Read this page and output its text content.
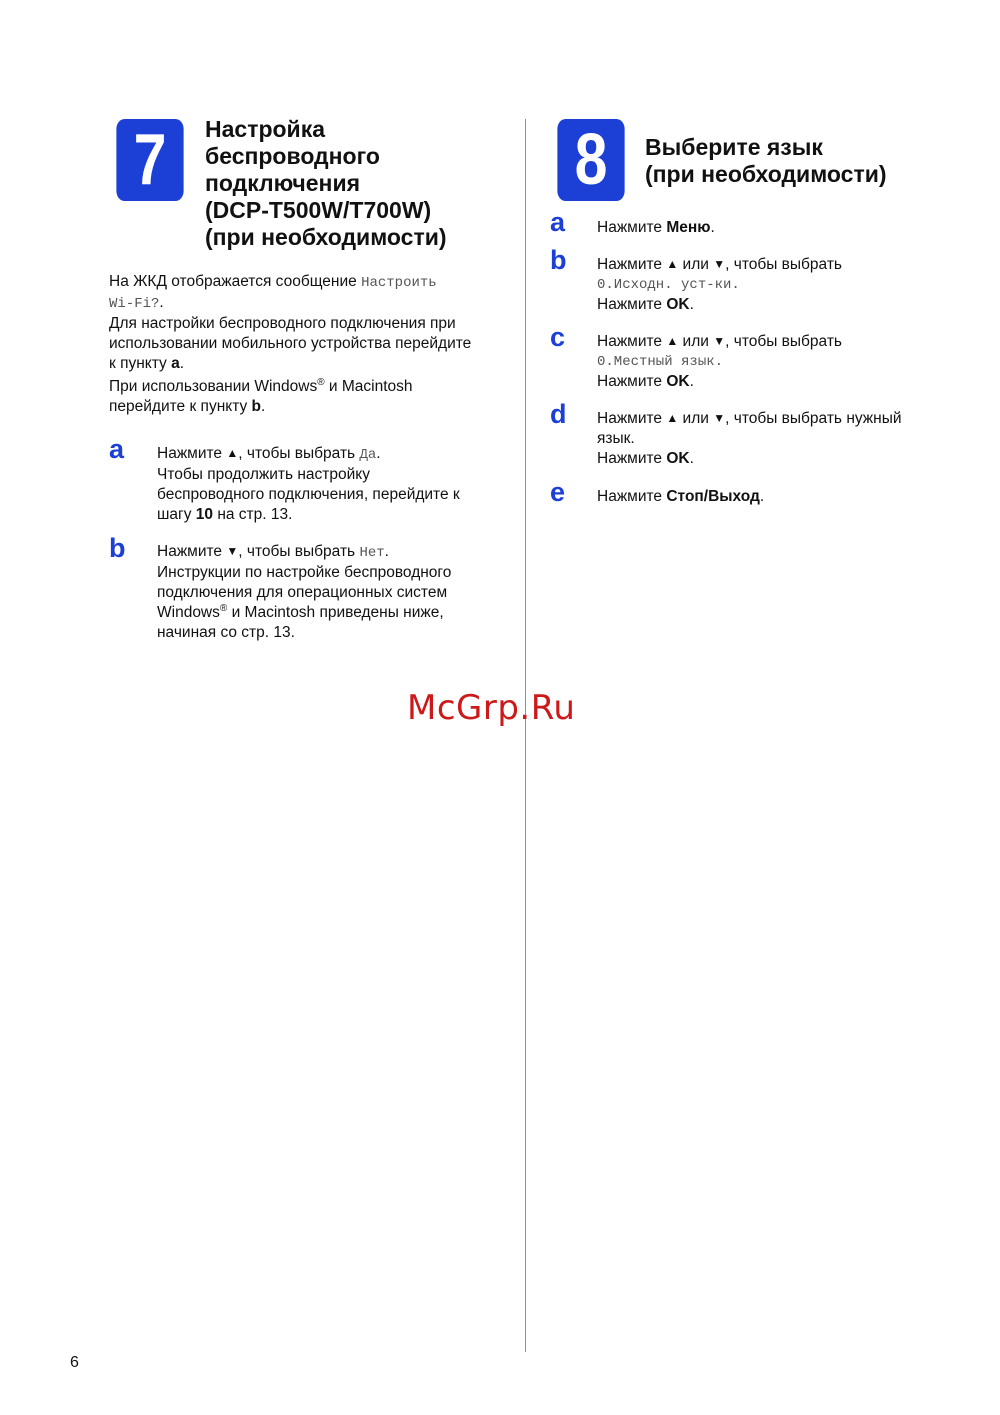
7 Настройка
беспроводного
подключения
(DCP-T500W/T700W)
(при необходимости)
На ЖКД отображается сообщение Настроить
Wi-Fi?.
Для настройки беспроводного подключения при
использовании мобильного устройства перейдите
к пункту a.
При использовании Windows® и Macintosh
перейдите к пункту b.
a Нажмите ▲, чтобы выбрать Да.
Чтобы продолжить настройку
беспроводного подключения, перейдите к
шагу 10 на стр. 13.
b Нажмите ▼, чтобы выбрать Нет.
Инструкции по настройке беспроводного
подключения для операционных систем
Windows® и Macintosh приведены ниже,
начиная со стр. 13.
8 Выберите язык
(при необходимости)
a Нажмите Меню.
b Нажмите ▲ или ▼, чтобы выбрать
0.Исходн. уст-ки.
Нажмите OK.
c Нажмите ▲ или ▼, чтобы выбрать
0.Местный язык.
Нажмите OK.
d Нажмите ▲ или ▼, чтобы выбрать нужный
язык.
Нажмите OK.
e Нажмите Стоп/Выход.
McGrp.Ru
6
